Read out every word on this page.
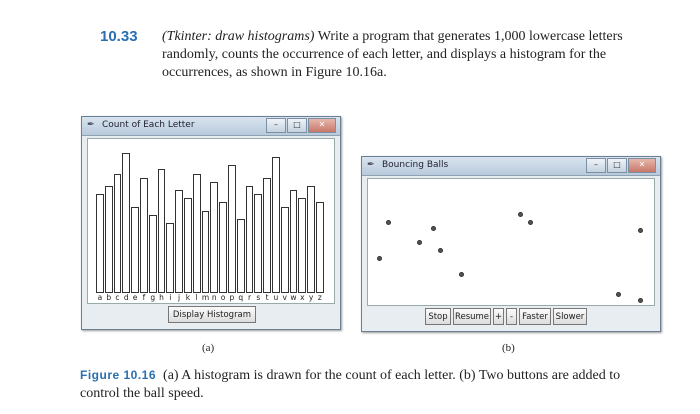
10.33 (Tkinter: draw histograms) Write a program that generates 1,000 lowercase letters randomly, counts the occurrence of each letter, and displays a histogram for the occurrences, as shown in Figure 10.16a.
✒ Count of Each Letter	–	□	✕
a b c d e f g h i j k l m n o p q r s t u v w x y z
Display Histogram
✒ Bouncing Balls	–	□	✕
Stop Resume + -	Faster Slower
(a)	(b)
Figure 10.16 (a) A histogram is drawn for the count of each letter. (b) Two buttons are added to control the ball speed.
